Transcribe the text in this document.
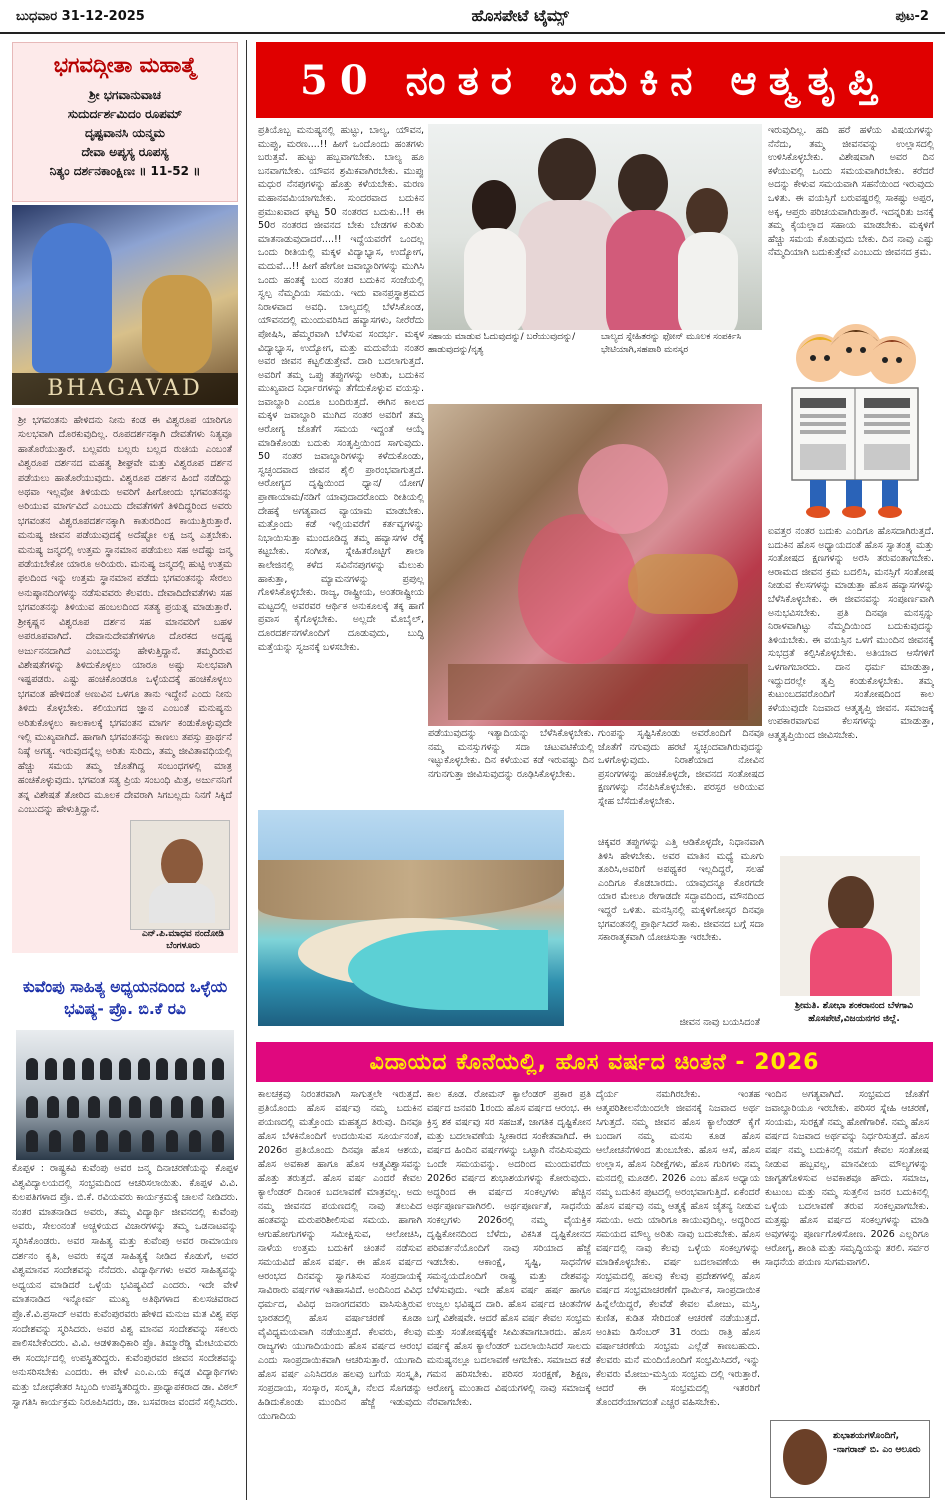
ಬುಧವಾರ 31-12-2025	ಹೊಸಪೇಟೆ ಟೈಮ್ಸ್	ಪುಟ-2
ಭಗವದ್ಗೀತಾ ಮಹಾತ್ಮೆ
ಶ್ರೀ ಭಗವಾನುವಾಚ
ಸುದುರ್ದರ್ಶಮಿದಂ ರೂಪಮ್
ದೃಷ್ಟವಾನಸಿ ಯನ್ಮಮ
ದೇವಾ ಅಪ್ಯಸ್ಯ ರೂಪಸ್ಯ
ನಿತ್ಯಂ ದರ್ಶನಕಾಂಕ್ಷಿಣಃ ॥ 11-52 ॥
BHAGAVAD
ಶ್ರೀ ಭಗವಂತನು ಹೇಳಿದನು ನೀನು ಕಂಡ ಈ ವಿಶ್ವರೂಪ ಯಾರಿಗೂ ಸುಲಭವಾಗಿ ದೊರಕುವುದಿಲ್ಲ. ರೂಪದರ್ಶನಕ್ಕಾಗಿ ದೇವತೆಗಳು ನಿತ್ಯವೂ ಹಾತೊರೆಯುತ್ತಾರೆ. ಬಲ್ಲವರು ಬಲ್ಲರು ಬಲ್ಲದ ರುಚಿಯ ಎಂಬಂತೆ ವಿಶ್ವರೂಪ ದರ್ಶನದ ಮಹತ್ವ ಶೀಘ್ರವೇ ಮತ್ತು ವಿಶ್ವರೂಪ ದರ್ಶನ ಪಡೆಯಲು ಹಾತೊರೆಯುವುದು. ವಿಶ್ವರೂಪ ದರ್ಶನ ಹಿಂದೆ ನಡೆದಿದ್ದು ಅಥವಾ ಇಲ್ಲವೋ ತಿಳಿಯದು ಅವರಿಗೆ ಹೀಗೋಂದು ಭಗವಂತನನ್ನು ಅರಿಯುವ ಮಾರ್ಗವಿದೆ ಎಂಬುದು ದೇವತೆಗಳಿಗೆ ತಿಳಿದಿದ್ದರಿಂದ ಅವರು ಭಗವಂತನ ವಿಶ್ವರೂಪದರ್ಶನಕ್ಕಾಗಿ ಕಾತುರದಿಂದ ಕಾಯುತ್ತಿರುತ್ತಾರೆ. ಮನುಷ್ಯ ಜೀವನ ಪಡೆಯುವುದಕ್ಕೆ ಅದೆಷ್ಟೋ ಲಕ್ಷ ಜನ್ಮ ಎತ್ತಬೇಕು. ಮನುಷ್ಯ ಜನ್ಮದಲ್ಲಿ ಉತ್ತಮ ಸ್ಥಾನಮಾನ ಪಡೆಯಲು ಸಹ ಅದೆಷ್ಟು ಜನ್ಮ ಪಡೆಯಬೇಕೋ ಯಾರೂ ಅರಿಯರು. ಮನುಷ್ಯ ಜನ್ಮದಲ್ಲಿ ಹುಟ್ಟಿ ಉತ್ತಮ ಫಲದಿಂದ ಇನ್ನು ಉತ್ತಮ ಸ್ಥಾನಮಾನ ಪಡೆದು ಭಗವಂತನನ್ನು ಸೇರಲು ಅನುಷ್ಠಾನದಿಂಗಳನ್ನು ನಡೆಸುವವರು ಕೆಲವರು. ದೇವಾದಿದೇವತೆಗಳು ಸಹ ಭಗವಂತನನ್ನು ತಿಳಿಯುವ ಹಂಬಲದಿಂದ ಸತತ್ಯ ಪ್ರಯತ್ನ ಮಾಡುತ್ತಾರೆ. ಶ್ರೀಕೃಷ್ಣನ ವಿಶ್ವರೂಪ ದರ್ಶನ ಸಹ ಮಾನವರಿಗೆ ಬಹಳ ಅಪರೂಪವಾಗಿದೆ. ದೇವಾನುದೇವತೆಗಳಿಗೂ ದೊರಕದ ಅದೃಷ್ಟ ಅರ್ಜುನನದಾಗಿದೆ ಎಂಬುದನ್ನು ಹೇಳುತ್ತಿದ್ದಾನೆ. ತಮ್ಮದಿರುವ ವಿಶೇಷತೆಗಳನ್ನು ತಿಳಿದುಕೊಳ್ಳಲು ಯಾರೂ ಅಷ್ಟು ಸುಲಭವಾಗಿ ಇಷ್ಟಪಡರು. ಎಷ್ಟು ಹಂಚಿಕೊಂಡರೂ ಒಳ್ಳೆಯದಕ್ಕೆ ಹಂಚಿಕೊಳ್ಳಲು ಭಗವಂತ ಹೇಳಿದಂತೆ ಅಣುವಿನ ಒಳಗೂ ತಾನು ಇದ್ದೇನೆ ಎಂದು ನೀನು ತಿಳಿದು ಕೊಳ್ಳಬೇಕು. ಕಲಿಯುಗದ ಜ್ಞಾನ ಎಂಬಂತೆ ಮನುಷ್ಯನು ಅರಿತುಕೊಳ್ಳಲು ಕಾಲಕಾಲಕ್ಕೆ ಭಗವಂತನ ಮಾರ್ಗ ಕಂಡುಕೊಳ್ಳುವುದೇ ಇಲ್ಲಿ ಮುಖ್ಯವಾಗಿದೆ. ಹಾಗಾಗಿ ಭಗವಂತನನ್ನು ಕಾಣಲು ತಪಸ್ಸು ಪ್ರಾರ್ಥನೆ ನಿಷ್ಠೆ ಅಗತ್ಯ. ಇರುವುದನ್ನೆಲ್ಲ ಅರಿತು ಸುರಿದು, ತಮ್ಮ ಜೀವಿತಾವಧಿಯಲ್ಲಿ ಹೆಚ್ಚು ಸಮಯ ತಮ್ಮ ಜೊತೆಗಿದ್ದ ಸಂಬಂಧಗಳಲ್ಲಿ ಮಾತ್ರ ಹಂಚಿಕೊಳ್ಳುವುದು. ಭಗವಂತ ಸತ್ಯ ಪ್ರಿಯ ಸಂಬಂಧಿ ಮಿತ್ರ, ಅರ್ಜುನನಿಗೆ ತನ್ನ ವಿಶೇಷತೆ ತೋರಿದ ಮೂಲಕ ದೇವರಾಗಿ ಸಿಗಬಲ್ಲದು ನಿನಗೆ ಸಿಕ್ಕಿದೆ ಎಂಬುದನ್ನು ಹೇಳುತ್ತಿದ್ದಾನೆ.
ಎನ್.ಪಿ.ಮಾಧವ ನಂದೋಡಿ ಬೆಂಗಳೂರು
ಕುವೆಂಪು ಸಾಹಿತ್ಯ ಅಧ್ಯಯನದಿಂದ ಒಳ್ಳೆಯ ಭವಿಷ್ಯ- ಪ್ರೊ. ಬಿ.ಕೆ ರವಿ
ಕೊಪ್ಪಳ : ರಾಷ್ಟ್ರಕವಿ ಕುವೆಂಪು ಅವರ ಜನ್ಮ ದಿನಾಚರಣೆಯನ್ನು ಕೊಪ್ಪಳ ವಿಶ್ವವಿದ್ಯಾಲಯದಲ್ಲಿ ಸಂಭ್ರಮದಿಂದ ಆಚರಿಸಲಾಯಿತು. ಕೊಪ್ಪಳ ವಿ.ವಿ. ಕುಲಪತಿಗಳಾದ ಪ್ರೊ. ಬಿ.ಕೆ. ರವಿಯವರು ಕಾರ್ಯಕ್ರಮಕ್ಕೆ ಚಾಲನೆ ನೀಡಿದರು. ನಂತರ ಮಾತನಾಡಿದ ಅವರು, ತಮ್ಮ ವಿದ್ಯಾರ್ಥಿ ಜೀವನದಲ್ಲಿ ಕುವೆಂಪು ಅವರು, ಸೇಲಂನಂತೆ ಅಚ್ಚಳಿಯದ ವಿಚಾರಗಳನ್ನು ತಮ್ಮ ಒಡನಾಟವನ್ನು ಸ್ಮರಿಸಿಕೊಂಡರು. ಅವರ ಸಾಹಿತ್ಯ ಮತ್ತು ಕುವೆಂಪು ಅವರ ರಾಮಾಯಣ ದರ್ಶನಂ ಕೃತಿ, ಅವರು ಕನ್ನಡ ಸಾಹಿತ್ಯಕ್ಕೆ ನೀಡಿದ ಕೊಡುಗೆ, ಅವರ ವಿಶ್ವಮಾನವ ಸಂದೇಶವನ್ನು ನೆನೆದರು. ವಿದ್ಯಾರ್ಥಿಗಳು ಅವರ ಸಾಹಿತ್ಯವನ್ನು ಅಧ್ಯಯನ ಮಾಡಿದರೆ ಒಳ್ಳೆಯ ಭವಿಷ್ಯವಿದೆ ಎಂದರು. ಇದೇ ವೇಳೆ ಮಾತನಾಡಿದ ಇನ್ನೋರ್ವ ಮುಖ್ಯ ಅತಿಥಿಗಳಾದ ಕುಲಸಚಿವರಾದ ಪ್ರೊ.ಕೆ.ವಿ.ಪ್ರಸಾದ್ ಅವರು ಕುವೆಂಪುರವರು ಹೇಳಿದ ಮನುಜ ಮತ ವಿಶ್ವ ಪಥ ಸಂದೇಶವನ್ನು ಸ್ಮರಿಸಿದರು. ಅವರ ವಿಶ್ವ ಮಾನವ ಸಂದೇಶವನ್ನು ಸಕಲರು ಪಾಲಿಸಬೇಕೆಂದರು. ವಿ.ವಿ. ಆಡಳಿತಾಧಿಕಾರಿ ಪ್ರೊ. ತಿಮ್ಮಾರೆಡ್ಡಿ ಮೇಟಿಯವರು ಈ ಸಂದರ್ಭದಲ್ಲಿ ಉಪಸ್ಥಿತರಿದ್ದರು. ಕುವೆಂಪುರವರ ಜೀವನ ಸಂದೇಶವನ್ನು ಅನುಸರಿಸಬೇಕು ಎಂದರು. ಈ ವೇಳೆ ಎಂ.ಎ.ಯ ಕನ್ನಡ ವಿದ್ಯಾರ್ಥಿಗಳು ಮತ್ತು ಬೋಧಕೇತರ ಸಿಬ್ಬಂದಿ ಉಪಸ್ಥಿತರಿದ್ದರು. ಪ್ರಾಧ್ಯಾಪಕರಾದ ಡಾ. ವಿಠಲ್ ಸ್ವಾಗತಿಸಿ ಕಾರ್ಯಕ್ರಮ ನಿರೂಪಿಸಿದರು, ಡಾ. ಬಸವರಾಜ ವಂದನೆ ಸಲ್ಲಿಸಿದರು.
50 ನಂತರ ಬದುಕಿನ ಆತ್ಮತೃಪ್ತಿ
ಪ್ರತಿಯೊಬ್ಬ ಮನುಷ್ಯನಲ್ಲಿ ಹುಟ್ಟು, ಬಾಲ್ಯ, ಯೌವನ, ಮುಪ್ಪು, ಮರಣ....!! ಹೀಗೆ ಒಂದೊಂದು ಹಂತಗಳು ಬರುತ್ತವೆ. ಹುಟ್ಟು ಹಬ್ಬವಾಗಬೇಕು. ಬಾಲ್ಯ ಹೂ ಬನವಾಗಬೇಕು. ಯೌವನ ಶ್ರಮಿಕವಾಗಿರಬೇಕು. ಮುಪ್ಪು ಮಧುರ ನೆನಪುಗಳನ್ನು ಹೊತ್ತು ಕಳೆಯಬೇಕು. ಮರಣ ಮಹಾನವಮಿಯಾಗಬೇಕು. ಸುಂದರವಾದ ಬದುಕಿನ ಪ್ರಮುಖವಾದ ಘಟ್ಟ 50 ನಂತರದ ಬದುಕು..!! ಈ 50ರ ನಂತರದ ಜೀವನದ ಬೇಕು ಬೇಡಗಳ ಕುರಿತು ಮಾತನಾಡುವುದಾದರೆ....!! ಇದ್ದೆಯವರೆಗೆ ಒಂದಲ್ಲ ಒಂದು ರೀತಿಯಲ್ಲಿ ಮಕ್ಕಳ ವಿದ್ಯಾಭ್ಯಾಸ, ಉದ್ಯೋಗ, ಮದುವೆ...!! ಹೀಗೆ ಹೇಗೋ ಜವಾಬ್ದಾರಿಗಳನ್ನು ಮುಗಿಸಿ ಒಂದು ಹಂತಕ್ಕೆ ಬಂದ ನಂತರ ಬದುಕಿನ ಸಂಜೆಯಲ್ಲಿ ಸ್ವಲ್ಪ ನೆಮ್ಮದಿಯ ಸಮಯ. ಇದು ವಾನಪ್ರಸ್ಥಾಶ್ರಮದ ನಿರಾಳವಾದ ಅವಧಿ. ಬಾಲ್ಯದಲ್ಲಿ ಬೆಳೆಸಿಕೊಂಡ, ಯೌವನದಲ್ಲಿ ಮುಂದುವರಿಸಿದ ಹವ್ಯಾಸಗಳು, ನೀರೆರೆದು ಪೋಷಿಸಿ, ಹೆಮ್ಮರವಾಗಿ ಬೆಳೆಸುವ ಸಂದರ್ಭ. ಮಕ್ಕಳ ವಿದ್ಯಾಭ್ಯಾಸ, ಉದ್ಯೋಗ, ಮತ್ತು ಮದುವೆಯ ನಂತರ ಅವರ ಜೀವನ ಕಟ್ಟಲಿಡುತ್ತೇವೆ. ದಾರಿ ಬದಲಾಗುತ್ತದೆ. ಅವರಿಗೆ ತಮ್ಮ ಒಪ್ಪು ತಪ್ಪುಗಳನ್ನು ಅರಿತು, ಬದುಕಿನ ಮುಖ್ಯವಾದ ನಿರ್ಧಾರಗಳನ್ನು ತೆಗೆದುಕೊಳ್ಳುವ ವಯಸ್ಸು. ಜವಾಬ್ದಾರಿ ಎಂದೂ ಬಂದಿರುತ್ತದೆ. ಈಗಿನ ಕಾಲದ ಮಕ್ಕಳ ಜವಾಬ್ದಾರಿ ಮುಗಿದ ನಂತರ ಅವರಿಗೆ ತಮ್ಮ ಆರೋಗ್ಯ ಜೊತೆಗೆ ಸಮಯ ಇದ್ದಂತೆ ಆಯ್ಕೆ ಮಾಡಿಕೊಂಡು ಬದುಕು ಸಂತೃಪ್ತಿಯಿಂದ ಸಾಗುವುದು. 50 ನಂತರ ಜವಾಬ್ದಾರಿಗಳನ್ನು ಕಳೆದುಕೊಂಡು, ಸ್ವಚ್ಛಂದವಾದ ಜೀವನ ಶೈಲಿ ಪ್ರಾರಂಭವಾಗುತ್ತದೆ. ಆರೋಗ್ಯದ ದೃಷ್ಟಿಯಿಂದ ಧ್ಯಾನ/ ಯೋಗ/ಪ್ರಾಣಾಯಾಮ/ನಡಿಗೆ ಯಾವುದಾದರೊಂದು ರೀತಿಯಲ್ಲಿ ದೇಹಕ್ಕೆ ಅಗತ್ಯವಾದ ವ್ಯಾಯಾಮ ಮಾಡಬೇಕು. ಮತ್ತೊಂದು ಕಡೆ ಇಲ್ಲಿಯವರೆಗೆ ಕರ್ತವ್ಯಗಳನ್ನು ನಿಭಾಯಿಸುತ್ತಾ ಮುಂದೂಡಿದ್ದ ತಮ್ಮ ಹವ್ಯಾಸಗಳ ರೆಕ್ಕೆ ಕಟ್ಟಬೇಕು. ಸಂಗೀತ, ಸ್ನೇಹಿತರೊಟ್ಟಿಗೆ ಶಾಲಾ ಕಾಲೇಜಿನಲ್ಲಿ ಕಳೆದ ಸವಿನೆನಪುಗಳನ್ನು ಮೆಲುಕು ಹಾಕುತ್ತಾ, ಮ್ಯಾಮನಗಳನ್ನು ಪ್ರಪುಲ್ಲ ಗೊಳಿಸಿಕೊಳ್ಳಬೇಕು. ರಾಜ್ಯ, ರಾಷ್ಟ್ರೀಯ, ಅಂತರಾಷ್ಟ್ರೀಯ ಮಟ್ಟದಲ್ಲಿ ಅವರವರ ಆರ್ಥಿಕ ಅನುಕೂಲಕ್ಕೆ ತಕ್ಕ ಹಾಗೆ ಪ್ರವಾಸ ಕೈಗೊಳ್ಳಬೇಕು. ಅಲ್ಲದೇ ಮೊಬೈಲ್, ದೂರದರ್ಶನಗಳೊಂದಿಗೆ ದೂಡುವುದು, ಬುದ್ಧಿ ಮತ್ತೆಯನ್ನು ಸ್ವಜನಕ್ಕೆ ಬಳಸಬೇಕು.
ಸಹಾಯ ಮಾಡುವ ಓದುವುದನ್ನು/ ಬರೆಯುವುದನ್ನು/ಹಾಡುವುದನ್ನು/ನೃತ್ಯ
ಬಾಲ್ಯದ ಸ್ನೇಹಿತರನ್ನು ಫೋನ್ ಮೂಲಕ ಸಂಪರ್ಕಿಸಿ ಭೇಟಿಯಾಗಿ,ಸಹಪಾಠಿ ಮನಸ್ಕರ
ಇರುವುದಿಲ್ಲ. ಹದಿ ಹರೆ ಹಳೆಯ ವಿಷಯಗಳನ್ನು ನೆನೆದು, ತಮ್ಮ ಜೀವನವನ್ನು ಉಲ್ಲಾಸದಲ್ಲಿ ಉಳಿಸಿಕೊಳ್ಳಬೇಕು. ವಿಶೇಷವಾಗಿ ಅವರ ದಿನ ಕಳೆಯುವಲ್ಲಿ ಒಂದು ಸಮಯವಾಗಿರಬೇಕು. ಕರೆದರೆ ಅದನ್ನು ಕೇಳುವ ಸಮಯವಾಗಿ ಸಹನೆಯಿಂದ ಇರುವುದು ಒಳಿತು. ಈ ವಯಸ್ಸಿಗೆ ಬರುವಷ್ಟರಲ್ಲಿ ಸಾಕಷ್ಟು ಅಪ್ಪರ, ಅಕ್ಕ, ಆಪ್ತರು ಪರಿಚಯವಾಗಿರುತ್ತಾರೆ. ಇದನ್ನರಿತು ಜನಕ್ಕೆ ತಮ್ಮ ಕೈಯಲ್ಲಾದ ಸಹಾಯ ಮಾಡಬೇಕು. ಮಕ್ಕಳಿಗೆ ಹೆಚ್ಚು ಸಮಯ ಕೊಡುವುದು ಬೇಕು. ದಿನ ನಾವು ಎಷ್ಟು ನೆಮ್ಮದಿಯಾಗಿ ಬದುಕುತ್ತೇವೆ ಎಂಬುದು ಜೀವನದ ಕ್ರಮ.
ಐವತ್ತರ ನಂತರ ಬದುಕು ಎಂದಿಗೂ ಹೊಸದಾಗಿರುತ್ತದೆ. ಬದುಕಿನ ಹೊಸ ಅಧ್ಯಾಯದಂತೆ ಹೊಸ ಸ್ವಾತಂತ್ರ್ಯ ಮತ್ತು ಸಂತೋಷದ ಕ್ಷಣಗಳನ್ನು ಅರಸಿ ತರುವಂತಾಗಬೇಕು. ಆರಾಮದ ಜೀವನ ಕ್ರಮ ಬದಲಿಸಿ, ಮನಸ್ಸಿಗೆ ಸಂತೋಷ ನೀಡುವ ಕೆಲಸಗಳನ್ನು ಮಾಡುತ್ತಾ ಹೊಸ ಹವ್ಯಾಸಗಳನ್ನು ಬೆಳೆಸಿಕೊಳ್ಳಬೇಕು. ಈ ಜೀವನವನ್ನು ಸಂಪೂರ್ಣವಾಗಿ ಅನುಭವಿಸಬೇಕು. ಪ್ರತಿ ದಿನವೂ ಮನಸ್ಸನ್ನು ನಿರಾಳವಾಗಿಟ್ಟು ನೆಮ್ಮದಿಯಿಂದ ಬದುಕುವುದನ್ನು ತಿಳಿಯಬೇಕು. ಈ ವಯಸ್ಸಿನ ಒಳಗೆ ಮುಂದಿನ ಜೀವನಕ್ಕೆ ಸುಭದ್ರತೆ ಕಲ್ಪಿಸಿಕೊಳ್ಳಬೇಕು. ಅತಿಯಾದ ಆಸೆಗಳಿಗೆ ಒಳಗಾಗಬಾರದು. ದಾನ ಧರ್ಮ ಮಾಡುತ್ತಾ, ಇದ್ದುದರಲ್ಲೇ ತೃಪ್ತಿ ಕಂಡುಕೊಳ್ಳಬೇಕು. ತಮ್ಮ ಕುಟುಂಬದವರೊಂದಿಗೆ ಸಂತೋಷದಿಂದ ಕಾಲ ಕಳೆಯುವುದೇ ನಿಜವಾದ ಆತ್ಮತೃಪ್ತಿ ಜೀವನ. ಸಮಾಜಕ್ಕೆ ಉಪಕಾರವಾಗುವ ಕೆಲಸಗಳನ್ನು ಮಾಡುತ್ತಾ, ಆತ್ಮತೃಪ್ತಿಯಿಂದ ಜೀವಿಸಬೇಕು.
ಪಡೆಯುವುದನ್ನು ಇತ್ಯಾದಿಯನ್ನು ಬೆಳೆಸಿಕೊಳ್ಳಬೇಕು. ನಮ್ಮ ಮನಸ್ಸುಗಳನ್ನು ಸದಾ ಚಟುವಟಿಕೆಯಲ್ಲಿ ಇಟ್ಟುಕೊಳ್ಳಬೇಕು. ದಿನ ಕಳೆಯುವ ಕಡೆ ಇರುವಷ್ಟು ದಿನ ನಗುನಗುತ್ತಾ ಜೀವಿಸುವುದನ್ನು ರೂಢಿಸಿಕೊಳ್ಳಬೇಕು.
ಗುಂಪನ್ನು ಸೃಷ್ಟಿಸಿಕೊಂಡು ಅವರೊಂದಿಗೆ ದಿನವೂ ಜೊತೆಗೆ ನಗುವುದು ಹರಟೆ ಸ್ವಚ್ಛಂದವಾಗಿರುವುದನ್ನು ಒಳಗೊಳ್ಳುವುದು. ನಿರಾಶೆಯಾದ ನೋವಿನ ಪ್ರಸಂಗಗಳನ್ನು ಹಂಚಿಕೊಳ್ಳದೇ, ಜೀವನದ ಸಂತೋಷದ ಕ್ಷಣಗಳನ್ನು ನೆನಪಿಸಿಕೊಳ್ಳಬೇಕು. ಪರಸ್ಪರ ಅರಿಯುವ ಸ್ನೇಹ ಬೆಸೆದುಕೊಳ್ಳಬೇಕು.
ಚಿಕ್ಕವರ ತಪ್ಪುಗಳನ್ನು ಎತ್ತಿ ಆಡಿಕೊಳ್ಳದೇ, ನಿಧಾನವಾಗಿ ತಿಳಿಸಿ ಹೇಳಬೇಕು. ಅವರ ಮಾತಿನ ಮಧ್ಯೆ ಮೂಗು ತೂರಿಸಿ,ಅವರಿಗೆ ಅಪಥ್ಯಕರ ಇಲ್ಲದಿದ್ದರೆ, ಸಲಹೆ ಎಂದಿಗೂ ಕೊಡಬಾರದು. ಯಾವುದನ್ನೂ ಕೊರಗದೇ ಯಾರ ಮೇಲೂ ರೇಗಾಡದೇ ಸದ್ಭಾವದಿಂದ, ಮೌನದಿಂದ ಇದ್ದರೆ ಒಳಿತು. ಮನಸ್ಸಿನಲ್ಲಿ ಮಕ್ಕಳಿಗೋಸ್ಕರ ದಿನವೂ ಭಗವಂತನಲ್ಲಿ ಪ್ರಾರ್ಥಿಸಿದರೆ ಸಾಕು. ಜೀವನದ ಬಗ್ಗೆ ಸದಾ ಸಕಾರಾತ್ಮಕವಾಗಿ ಯೋಚಿಸುತ್ತಾ ಇರಬೇಕು.
ಜೀವನ ನಾವು ಬಯಸಿದಂತೆ
ಶ್ರೀಮತಿ. ಶೋಭಾ ಶಂಕರಾನಂದ ಬೆಳಗಾವಿ ಹೊಸಪೇಟೆ,ವಿಜಯನಗರ ಜಿಲ್ಲೆ.
ವಿದಾಯದ ಕೊನೆಯಲ್ಲಿ, ಹೊಸ ವರ್ಷದ ಚಿಂತನೆ - 2026
ಕಾಲಚಕ್ರವು ನಿರಂತರವಾಗಿ ಸಾಗುತ್ತಲೇ ಇರುತ್ತದೆ. ಪ್ರತಿಯೊಂದು ಹೊಸ ವರ್ಷವು ನಮ್ಮ ಬದುಕಿನ ಪಯಣದಲ್ಲಿ ಮತ್ತೊಂದು ಮಹತ್ವದ ತಿರುವು. ದಿನವೂ ಹೊಸ ಬೆಳಕಿನೊಂದಿಗೆ ಉದಯಿಸುವ ಸೂರ್ಯನಂತೆ, 2026ರ ಪ್ರತಿಯೊಂದು ದಿನವೂ ಹೊಸ ಆಶಯ, ಹೊಸ ಅವಕಾಶ ಹಾಗೂ ಹೊಸ ಆತ್ಮವಿಶ್ವಾಸವನ್ನು ಹೊತ್ತು ತರುತ್ತದೆ. ಹೊಸ ವರ್ಷ ಎಂದರೆ ಕೇವಲ ಕ್ಯಾಲೆಂಡರ್ ದಿನಾಂಕ ಬದಲಾವಣೆ ಮಾತ್ರವಲ್ಲ. ಅದು ನಮ್ಮ ಜೀವನದ ಪಯಣದಲ್ಲಿ ನಾವು ತಲುಪಿದ ಹಂತವನ್ನು ಮರುಪರಿಶೀಲಿಸುವ ಸಮಯ. ಹಾಗಾಗಿ ಆಗುಹೋಗುಗಳನ್ನು ಸಮೀಕ್ಷಿಸುವ, ಆಲೋಚಿಸಿ, ನಾಳೆಯ ಉತ್ತಮ ಬದುಕಿಗೆ ಚಿಂತನೆ ನಡೆಸುವ ಸಮಯವಿದೆ ಹೊಸ ವರ್ಷ. ಈ ಹೊಸ ವರ್ಷದ ಆರಂಭದ ದಿನವನ್ನು ಸ್ವಾಗತಿಸುವ ಸಂಪ್ರದಾಯಕ್ಕೆ ಸಾವಿರಾರು ವರ್ಷಗಳ ಇತಿಹಾಸವಿದೆ. ಅಂದಿನಿಂದ ವಿವಿಧ ಧರ್ಮದ, ವಿವಿಧ ಜನಾಂಗದವರು ವಾಸಿಸುತ್ತಿರುವ ಭಾರತದಲ್ಲಿ ಹೊಸ ವರ್ಷಾಚರಣೆ ಕೂಡಾ ವೈವಿಧ್ಯಮಯವಾಗಿ ನಡೆಯುತ್ತದೆ. ಕೆಲವರು, ಕೆಲವು ರಾಜ್ಯಗಳು ಯುಗಾದಿಯಂದು ಹೊಸ ವರ್ಷದ ಆರಂಭ ಎಂದು ಸಾಂಪ್ರದಾಯಿಕವಾಗಿ ಆಚರಿಸುತ್ತಾರೆ. ಯುಗಾದಿ ಹೊಸ ವರ್ಷ ಎನಿಸಿದರೂ ಹಲವು ಬಗೆಯ ಸಂಸ್ಕೃತಿ, ಸಂಪ್ರದಾಯ, ಸಂಸ್ಕಾರ, ಸಂಸ್ಕೃತಿ, ನೆಲದ ಸೊಗಡನ್ನು ಹಿಡಿದುಕೊಂಡು ಮುಂದಿನ ಹೆಜ್ಜೆ ಇಡುವುದು ಯುಗಾದಿಯ
ಕಾಲ ಕೂಡ. ರೋಮನ್ ಕ್ಯಾಲೆಂಡರ್ ಪ್ರಕಾರ ಪ್ರತಿ ವರ್ಷದ ಜನವರಿ 1ರಂದು ಹೊಸ ವರ್ಷದ ಆರಂಭ. ಈ ಕ್ರಿಸ್ತ ಶಕ ವರ್ಷವು ಸರ ಸಹಜತೆ, ಜಾಗತಿಕ ದೃಷ್ಟಿಕೋನ ಮತ್ತು ಬದಲಾವಣೆಯ ಸ್ವೀಕಾರದ ಸಂಕೇತವಾಗಿದೆ. ಈ ವರ್ಷದ ಹಿಂದಿನ ವರ್ಷಗಳನ್ನು ಒಟ್ಟಾಗಿ ನೆನಪಿಸುವುದು ಒಂದೇ ಸಮಯವನ್ನು. ಅದರಿಂದ ಮುಂದುವರೆದು 2026ರ ವರ್ಷದ ಶುಭಾಶಯಗಳನ್ನು ಕೋರುವುದು. ಅದ್ದರಿಂದ ಈ ವರ್ಷದ ಸ೦ಕಲ್ಪಗಳು ಹೆಚ್ಚಿನ ಅರ್ಥಪೂರ್ಣವಾಗಿರಲಿ. ಅರ್ಥಪೂರ್ಣತೆ, ಸಾಧನೆಯ ಸಂಕಲ್ಪಗಳು 2026ರಲ್ಲಿ ನಮ್ಮ ವೈಯಕ್ತಿಕ ದೃಷ್ಟಿಕೋನದಿಂದ ಬೆಳೆದು, ವಿಕಸಿತ ದೃಷ್ಟಿಕೋನದ ಪರಿವರ್ತನೆಯೊಂದಿಗೆ ನಾವು ಸರಿಯಾದ ಹೆಜ್ಜೆ ಇಡಬೇಕು. ಆಕಾಂಕ್ಷೆ, ಸೃಷ್ಟಿ, ಸಾಧನೆಗಳ ಸಮನ್ವಯದೊಂದಿಗೆ ರಾಷ್ಟ್ರ ಮತ್ತು ದೇಶವನ್ನು ಬೆಳೆಸುವುದು. ಇದೇ ಹೊಸ ವರ್ಷ ಹರ್ಷ ಹಾಗೂ ಉಜ್ವಲ ಭವಿಷ್ಯದ ದಾರಿ. ಹೊಸ ವರ್ಷದ ಚಿಂತನೆಗಳ ಬಗ್ಗೆ ವಿಶೇಷವೇ. ಆದರೆ ಹೊಸ ವರ್ಷ ಕೇವಲ ಸಂಭ್ರಮ ಮತ್ತು ಸಂತೋಷಕ್ಕಷ್ಟೇ ಸೀಮಿತವಾಗಬಾರದು. ಹೊಸ ವರ್ಷಕ್ಕೆ ಹೊಸ ಕ್ಯಾಲೆಂಡರ್ ಬದಲಾಯಿಸಿದರೆ ಸಾಲದು ಮನುಷ್ಯನಲ್ಲೂ ಬದಲಾವಣೆ ಆಗಬೇಕು. ಸಮಾಜದ ಕಡೆ ಗಮನ ಹರಿಸಬೇಕು. ಪರಿಸರ ಸಂರಕ್ಷಣೆ, ಶಿಕ್ಷಣ, ಆರೋಗ್ಯ ಮುಂತಾದ ವಿಷಯಗಳಲ್ಲಿ ನಾವು ಸಮಾಜಕ್ಕೆ ನೆರವಾಗಬೇಕು.
ದೈರ್ಯ ನಮಗಿರಬೇಕು. ಇಂತಹ ಆತ್ಮಪರಿಶೀಲನೆಯಿಂದಲೇ ಜೀವನಕ್ಕೆ ನಿಜವಾದ ಅರ್ಥ ಸಿಗುತ್ತದೆ. ನಮ್ಮ ಜೀವನ ಹೊಸ ಕ್ಯಾಲೆಂಡರ್ ಕೈಗೆ ಬಂದಾಗ ನಮ್ಮ ಮನಸು ಕೂಡ ಹೊಸ ಆಲೋಚನೆಗಳಿಂದ ತುಂಬಬೇಕು. ಹೊಸ ಆಸೆ, ಹೊಸ ಉಲ್ಲಾಸ, ಹೊಸ ನಿರೀಕ್ಷೆಗಳು, ಹೊಸ ಗುರಿಗಳು ನಮ್ಮ ಮನದಲ್ಲಿ ಮೂಡಲಿ. 2026 ಎಂಬ ಹೊಸ ಅಧ್ಯಾಯ ನಮ್ಮ ಬದುಕಿನ ಪುಟದಲ್ಲಿ ಅರಂಭವಾಗುತ್ತಿದೆ. ಏಕೆಂದರೆ ಹೊಸ ವರ್ಷವು ನಮ್ಮ ಆತ್ಮಕ್ಕೆ ಹೊಸ ಚೈತನ್ಯ ನೀಡುವ ಸಮಯ. ಅದು ಯಾರಿಗೂ ಕಾಯುವುದಿಲ್ಲ. ಅದ್ದರಿಂದ ಸಮಯದ ಮೌಲ್ಯ ಅರಿತು ನಾವು ಬದುಕಬೇಕು. ಹೊಸ ವರ್ಷದಲ್ಲಿ ನಾವು ಕೆಲವು ಒಳ್ಳೆಯ ಸಂಕಲ್ಪಗಳನ್ನು ಮಾಡಿಕೊಳ್ಳಬೇಕು. ವರ್ಷ ಬದಲಾವಣೆಯ ಈ ಸಂಭ್ರಮದಲ್ಲಿ ಹಲವು ಕೆಲವು ಪ್ರದೇಶಗಳಲ್ಲಿ ಹೊಸ ವರ್ಷದ ಸಂಭ್ರಮಾಚರಣೆಗೆ ಧಾರ್ಮಿಕ, ಸಾಂಪ್ರದಾಯಿಕ ಹಿನ್ನೆಲೆಯಿದ್ದರೆ, ಕೆಲವೆಡೆ ಕೇವಲ ಮೋಜು, ಮಸ್ತಿ, ಕುಣಿತ, ಕುಡಿತ ಸೇರಿದಂತೆ ಆಚರಣೆ ನಡೆಯುತ್ತದೆ. ಅಂತಿಮ ಡಿಸೆಂಬರ್ 31 ರಂದು ರಾತ್ರಿ ಹೊಸ ವರ್ಷಾಚರಣೆಯ ಸಂಭ್ರಮ ಎಲ್ಲೆಡೆ ಕಾಣಬಹುದು. ಕೆಲವರು ಮನೆ ಮಂದಿಯೊಂದಿಗೆ ಸಂಭ್ರಮಿಸಿದರೆ, ಇನ್ನು ಕೆಲವರು ಮೋಜು-ಮಸ್ತಿಯ ಸಂಭ್ರಮ ದಲ್ಲಿ ಇರುತ್ತಾರೆ. ಆದರೆ ಈ ಸಂಭ್ರಮದಲ್ಲಿ ಇತರರಿಗೆ ತೊಂದರೆಯಾಗದಂತೆ ಎಚ್ಚರ ವಹಿಸಬೇಕು.
ಇಂದಿನ ಅಗತ್ಯವಾಗಿದೆ. ಸಂಭ್ರಮದ ಜೊತೆಗೆ ಜವಾಬ್ದಾರಿಯೂ ಇರಬೇಕು. ಪರಿಸರ ಸ್ನೇಹಿ ಆಚರಣೆ, ಸಂಯಮ, ಸುರಕ್ಷತೆ ನಮ್ಮ ಹೊಣೆಗಾರಿಕೆ. ನಮ್ಮ ಹೊಸ ವರ್ಷದ ನಿಜವಾದ ಅರ್ಥವನ್ನು ನಿರ್ಧರಿಸುತ್ತದೆ. ಹೊಸ ವರ್ಷ ನಮ್ಮ ಬದುಕಿನಲ್ಲಿ ನಮಗೆ ಕೇವಲ ಸಂತೋಷ ನೀಡುವ ಹಬ್ಬವಲ್ಲ, ಮಾನವೀಯ ಮೌಲ್ಯಗಳನ್ನು ಜಾಗೃತಗೊಳಿಸುವ ಅವಕಾಶವೂ ಹೌದು. ಸಮಾಜ, ಕುಟುಂಬ ಮತ್ತು ನಮ್ಮ ಸುತ್ತಲಿನ ಜನರ ಬದುಕಿನಲ್ಲಿ ಒಳ್ಳೆಯ ಬದಲಾವಣೆ ತರುವ ಸಂಕಲ್ಪವಾಗಬೇಕು. ಮತ್ತಷ್ಟು ಹೊಸ ವರ್ಷದ ಸಂಕಲ್ಪಗಳನ್ನು ಮಾಡಿ ಅವುಗಳನ್ನು ಪೂರ್ಣಗೊಳಿಸೋಣ. 2026 ಎಲ್ಲರಿಗೂ ಆರೋಗ್ಯ, ಶಾಂತಿ ಮತ್ತು ಸಮೃದ್ಧಿಯನ್ನು ತರಲಿ. ಸರ್ವರ ಸಾಧನೆಯ ಪಯಣ ಸುಗಮವಾಗಲಿ.
ಶುಭಾಶಯಗಳೊಂದಿಗೆ, -ನಾಗರಾಜ್ ಬಿ. ಎಂ ಆಲೂರು
